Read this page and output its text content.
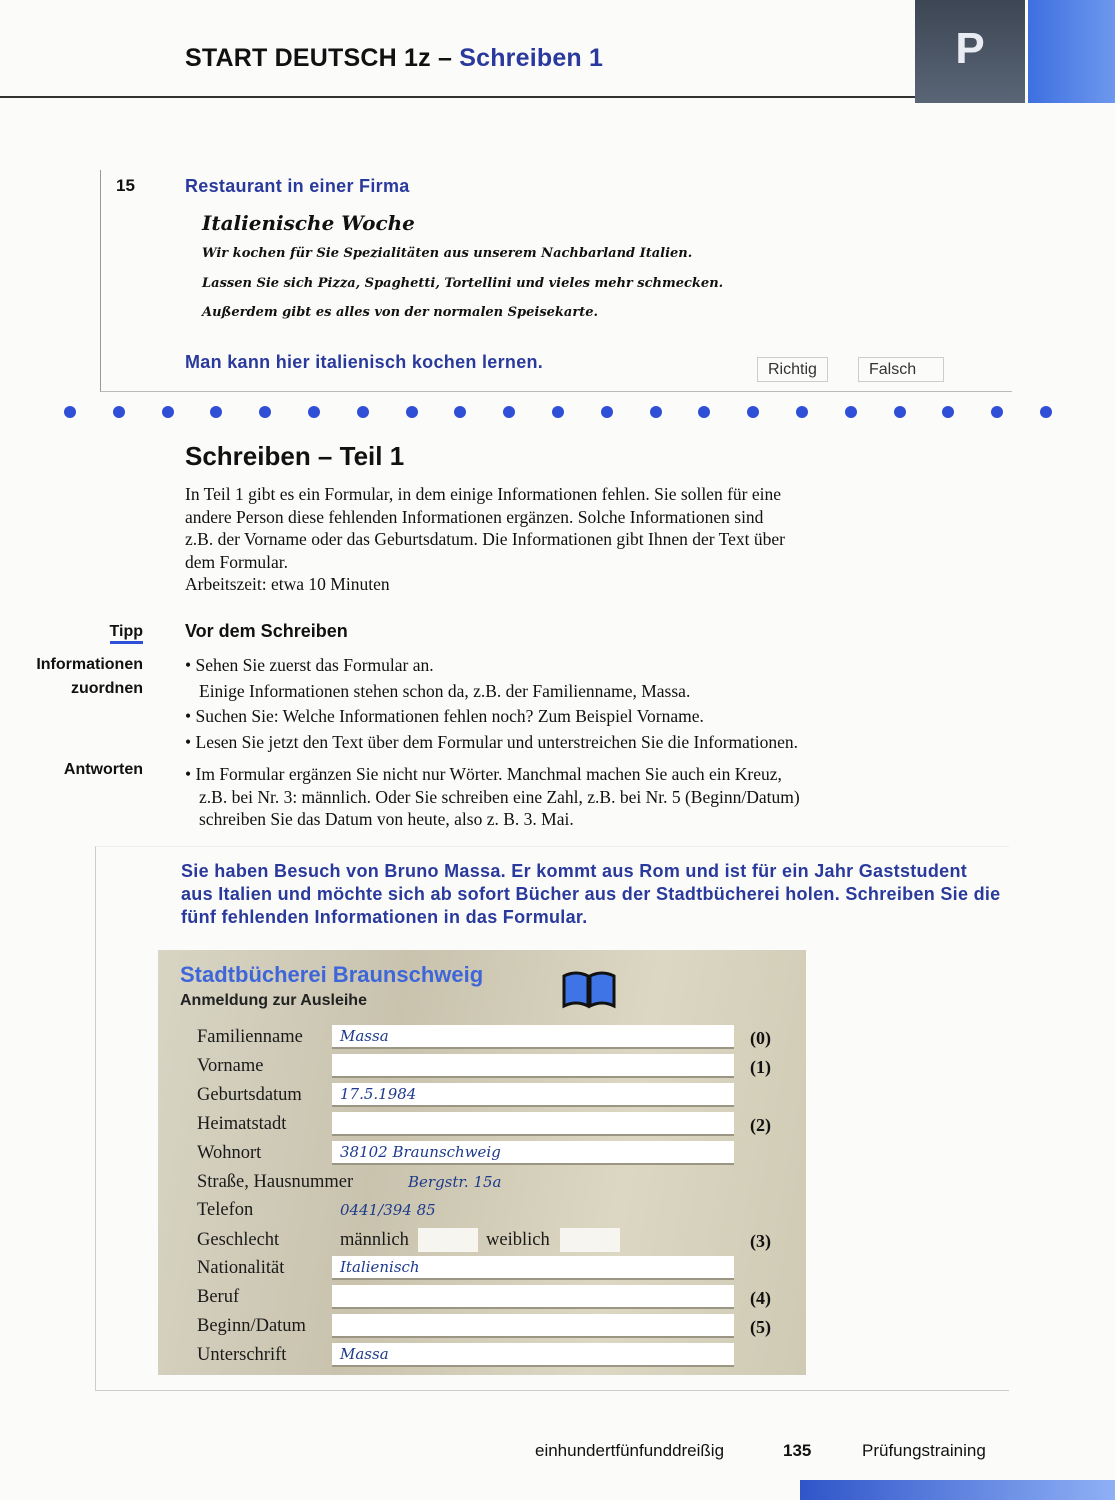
START DEUTSCH 1z – Schreiben 1	P
15	Restaurant in einer Firma
Italienische Woche
Wir kochen für Sie Spezialitäten aus unserem Nachbarland Italien.
Lassen Sie sich Pizza, Spaghetti, Tortellini und vieles mehr schmecken.
Außerdem gibt es alles von der normalen Speisekarte.
Man kann hier italienisch kochen lernen.	Richtig	Falsch
Schreiben – Teil 1
In Teil 1 gibt es ein Formular, in dem einige Informationen fehlen. Sie sollen für eine
andere Person diese fehlenden Informationen ergänzen. Solche Informationen sind
z.B. der Vorname oder das Geburtsdatum. Die Informationen gibt Ihnen der Text über
dem Formular.
Arbeitszeit: etwa 10 Minuten
Tipp Vor dem Schreiben
Informationen
zuordnen
• Sehen Sie zuerst das Formular an.
Einige Informationen stehen schon da, z.B. der Familienname, Massa.
• Suchen Sie: Welche Informationen fehlen noch? Zum Beispiel Vorname.
• Lesen Sie jetzt den Text über dem Formular und unterstreichen Sie die Informationen.
Antworten • Im Formular ergänzen Sie nicht nur Wörter. Manchmal machen Sie auch ein Kreuz,
z.B. bei Nr. 3: männlich. Oder Sie schreiben eine Zahl, z.B. bei Nr. 5 (Beginn/Datum)
schreiben Sie das Datum von heute, also z. B. 3. Mai.
Sie haben Besuch von Bruno Massa. Er kommt aus Rom und ist für ein Jahr Gaststudent aus Italien und möchte sich ab sofort Bücher aus der Stadtbücherei holen. Schreiben Sie die fünf fehlenden Informationen in das Formular.
Stadtbücherei Braunschweig
Anmeldung zur Ausleihe
Familienname	Massa	(0)
Vorname	(1)
Geburtsdatum	17.5.1984
Heimatstadt	(2)
Wohnort	38102 Braunschweig
Straße, Hausnummer	Bergstr. 15a
Telefon	0441/394 85
Geschlecht	männlich	weiblich	(3)
Nationalität	Italienisch
Beruf	(4)
Beginn/Datum	(5)
Unterschrift	Massa
einhundertfünfunddreißig	135	Prüfungstraining
